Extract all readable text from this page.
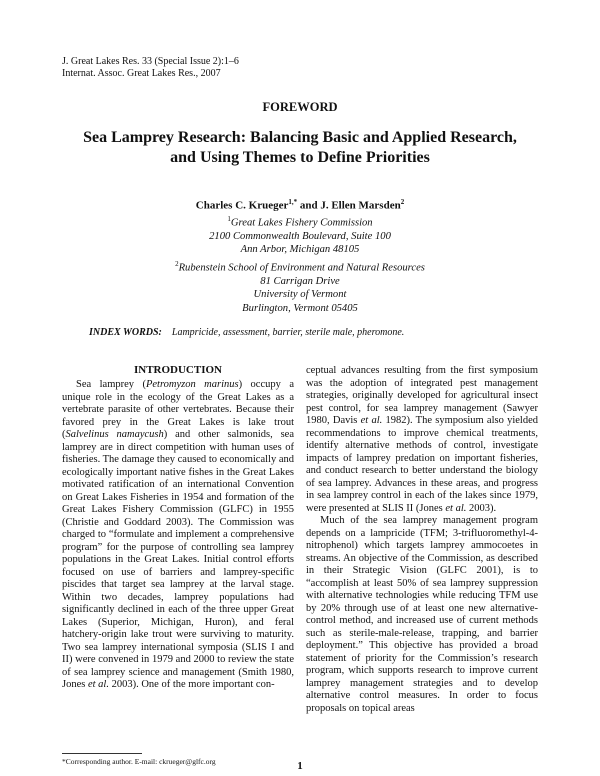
J. Great Lakes Res. 33 (Special Issue 2):1–6
Internat. Assoc. Great Lakes Res., 2007
FOREWORD
Sea Lamprey Research: Balancing Basic and Applied Research,
and Using Themes to Define Priorities
Charles C. Krueger$^{1,*}$ and J. Ellen Marsden$^2$
$^1$Great Lakes Fishery Commission
2100 Commonwealth Boulevard, Suite 100
Ann Arbor, Michigan 48105
$^2$Rubenstein School of Environment and Natural Resources
81 Carrigan Drive
University of Vermont
Burlington, Vermont 05405
INDEX WORDS: Lampricide, assessment, barrier, sterile male, pheromone.
INTRODUCTION

Sea lamprey (Petromyzon marinus) occupy a unique role in the ecology of the Great Lakes as a vertebrate parasite of other vertebrates. Because their favored prey in the Great Lakes is lake trout (Salvelinus namaycush) and other salmonids, sea lamprey are in direct competition with human uses of fisheries. The damage they caused to economically and ecologically important native fishes in the Great Lakes motivated ratification of an international Convention on Great Lakes Fisheries in 1954 and formation of the Great Lakes Fishery Commission (GLFC) in 1955 (Christie and Goddard 2003). The Commission was charged to “formulate and implement a comprehensive program” for the purpose of controlling sea lamprey populations in the Great Lakes. Initial control efforts focused on use of barriers and lamprey-specific piscides that target sea lamprey at the larval stage. Within two decades, lamprey populations had significantly declined in each of the three upper Great Lakes (Superior, Michigan, Huron), and feral hatchery-origin lake trout were surviving to maturity. Two sea lamprey international symposia (SLIS I and II) were convened in 1979 and 2000 to review the state of sea lamprey science and management (Smith 1980, Jones et al. 2003). One of the more important con-

ceptual advances resulting from the first symposium was the adoption of integrated pest management strategies, originally developed for agricultural insect pest control, for sea lamprey management (Sawyer 1980, Davis et al. 1982). The symposium also yielded recommendations to improve chemical treatments, identify alternative methods of control, investigate impacts of lamprey predation on important fisheries, and conduct research to better understand the biology of sea lamprey. Advances in these areas, and progress in sea lamprey control in each of the lakes since 1979, were presented at SLIS II (Jones et al. 2003).

Much of the sea lamprey management program depends on a lampricide (TFM; 3-trifluoromethyl-4-nitrophenol) which targets lamprey ammocoetes in streams. An objective of the Commission, as described in their Strategic Vision (GLFC 2001), is to “accomplish at least 50% of sea lamprey suppression with alternative technologies while reducing TFM use by 20% through use of at least one new alternative-control method, and increased use of current methods such as sterile-male-release, trapping, and barrier deployment.” This objective has provided a broad statement of priority for the Commission’s research program, which supports research to improve current lamprey management strategies and to develop alternative control measures. In order to focus proposals on topical areas

*Corresponding author. E-mail: ckrueger@glfc.org	1
